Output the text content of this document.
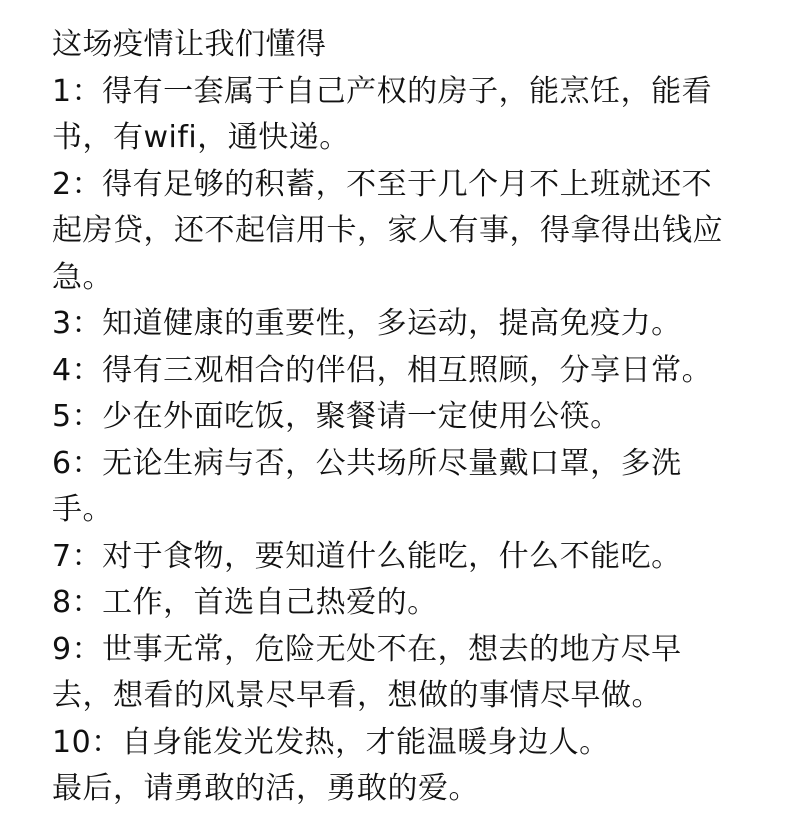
这场疫情让我们懂得
1：得有一套属于自己产权的房子，能烹饪，能看
书，有wifi，通快递。
2：得有足够的积蓄，不至于几个月不上班就还不
起房贷，还不起信用卡，家人有事，得拿得出钱应
急。
3：知道健康的重要性，多运动，提高免疫力。
4：得有三观相合的伴侣，相互照顾，分享日常。
5：少在外面吃饭，聚餐请一定使用公筷。
6：无论生病与否，公共场所尽量戴口罩，多洗
手。
7：对于食物，要知道什么能吃，什么不能吃。
8：工作，首选自己热爱的。
9：世事无常，危险无处不在，想去的地方尽早
去，想看的风景尽早看，想做的事情尽早做。
10：自身能发光发热，才能温暖身边人。
最后，请勇敢的活，勇敢的爱。
